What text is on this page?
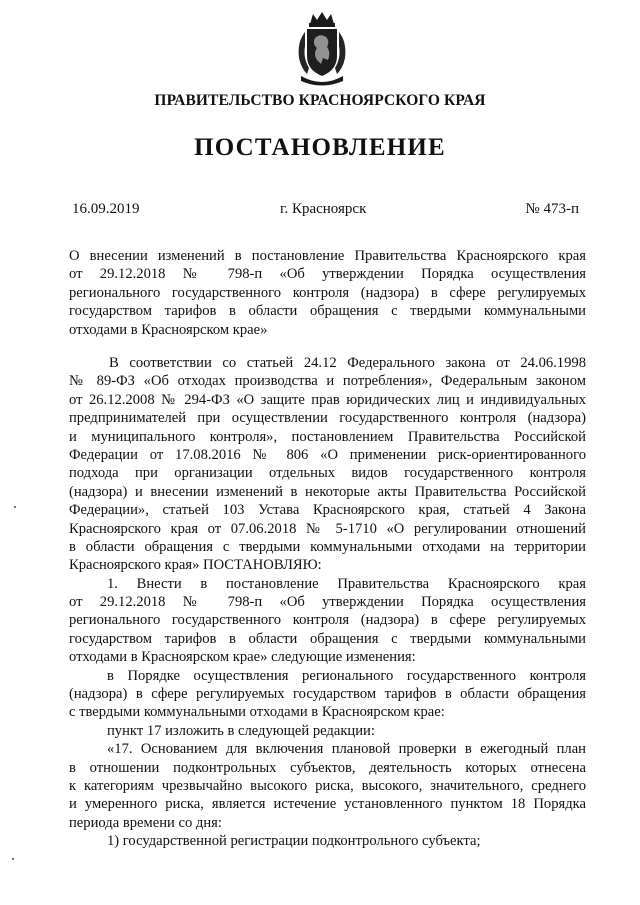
ПРАВИТЕЛЬСТВО КРАСНОЯРСКОГО КРАЯ
ПОСТАНОВЛЕНИЕ
16.09.2019	г. Красноярск	№ 473-п
О внесении изменений в постановление Правительства Красноярского края
от 29.12.2018 № 798-п «Об утверждении Порядка осуществления
регионального государственного контроля (надзора) в сфере регулируемых
государством тарифов в области обращения с твердыми коммунальными
отходами в Красноярском крае»
В соответствии со статьей 24.12 Федерального закона от 24.06.1998
№ 89-ФЗ «Об отходах производства и потребления», Федеральным законом
от 26.12.2008 № 294-ФЗ «О защите прав юридических лиц и индивидуальных
предпринимателей при осуществлении государственного контроля (надзора)
и муниципального контроля», постановлением Правительства Российской
Федерации от 17.08.2016 № 806 «О применении риск-ориентированного
подхода при организации отдельных видов государственного контроля
(надзора) и внесении изменений в некоторые акты Правительства Российской
Федерации», статьей 103 Устава Красноярского края, статьей 4 Закона
Красноярского края от 07.06.2018 № 5-1710 «О регулировании отношений
в области обращения с твердыми коммунальными отходами на территории
Красноярского края» ПОСТАНОВЛЯЮ:
1. Внести в постановление Правительства Красноярского края
от 29.12.2018 № 798-п «Об утверждении Порядка осуществления
регионального государственного контроля (надзора) в сфере регулируемых
государством тарифов в области обращения с твердыми коммунальными
отходами в Красноярском крае» следующие изменения:
в Порядке осуществления регионального государственного контроля
(надзора) в сфере регулируемых государством тарифов в области обращения
с твердыми коммунальными отходами в Красноярском крае:
пункт 17 изложить в следующей редакции:
«17. Основанием для включения плановой проверки в ежегодный план
в отношении подконтрольных субъектов, деятельность которых отнесена
к категориям чрезвычайно высокого риска, высокого, значительного, среднего
и умеренного риска, является истечение установленного пунктом 18 Порядка
периода времени со дня:
1) государственной регистрации подконтрольного субъекта;
